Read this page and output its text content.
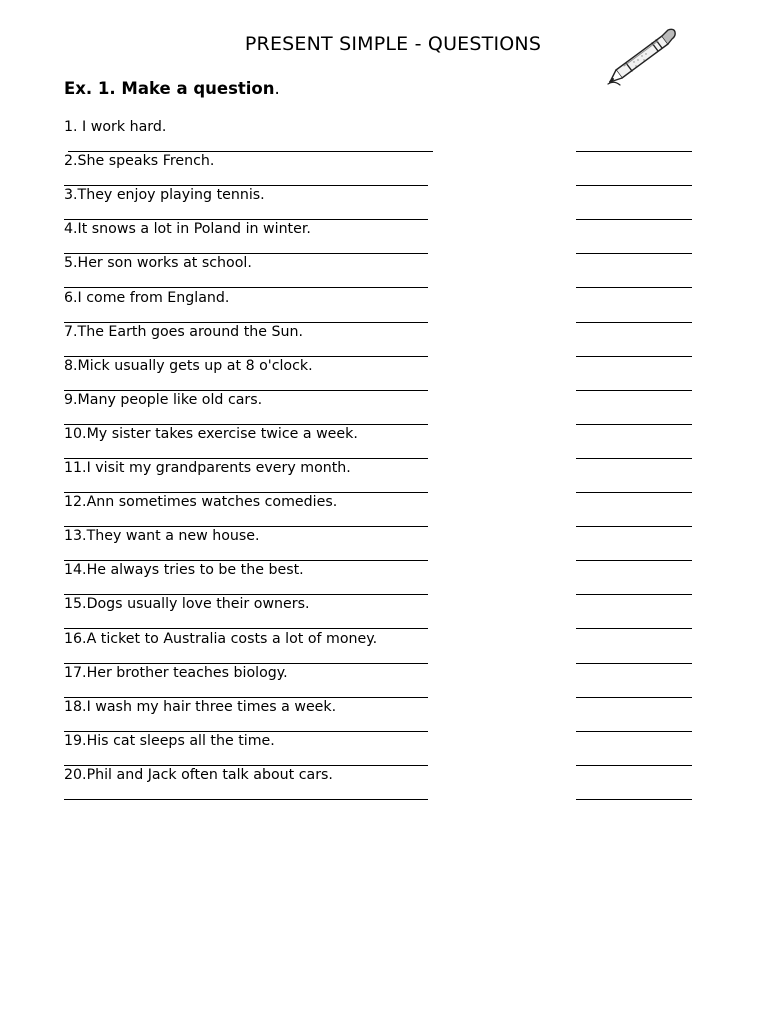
PRESENT SIMPLE - QUESTIONS
Ex. 1. Make a question.
1. I work hard.
2.She speaks French.
3.They enjoy playing tennis.
4.It snows a lot in Poland in winter.
5.Her son works at school.
6.I come from England.
7.The Earth goes around the Sun.
8.Mick usually gets up at 8 o'clock.
9.Many people like old cars.
10.My sister takes exercise twice a week.
11.I visit my grandparents every month.
12.Ann sometimes watches comedies.
13.They want a new house.
14.He always tries to be the best.
15.Dogs usually love their owners.
16.A ticket to Australia costs a lot of money.
17.Her brother teaches biology.
18.I wash my hair three times a week.
19.His cat sleeps all the time.
20.Phil and Jack often talk about cars.
